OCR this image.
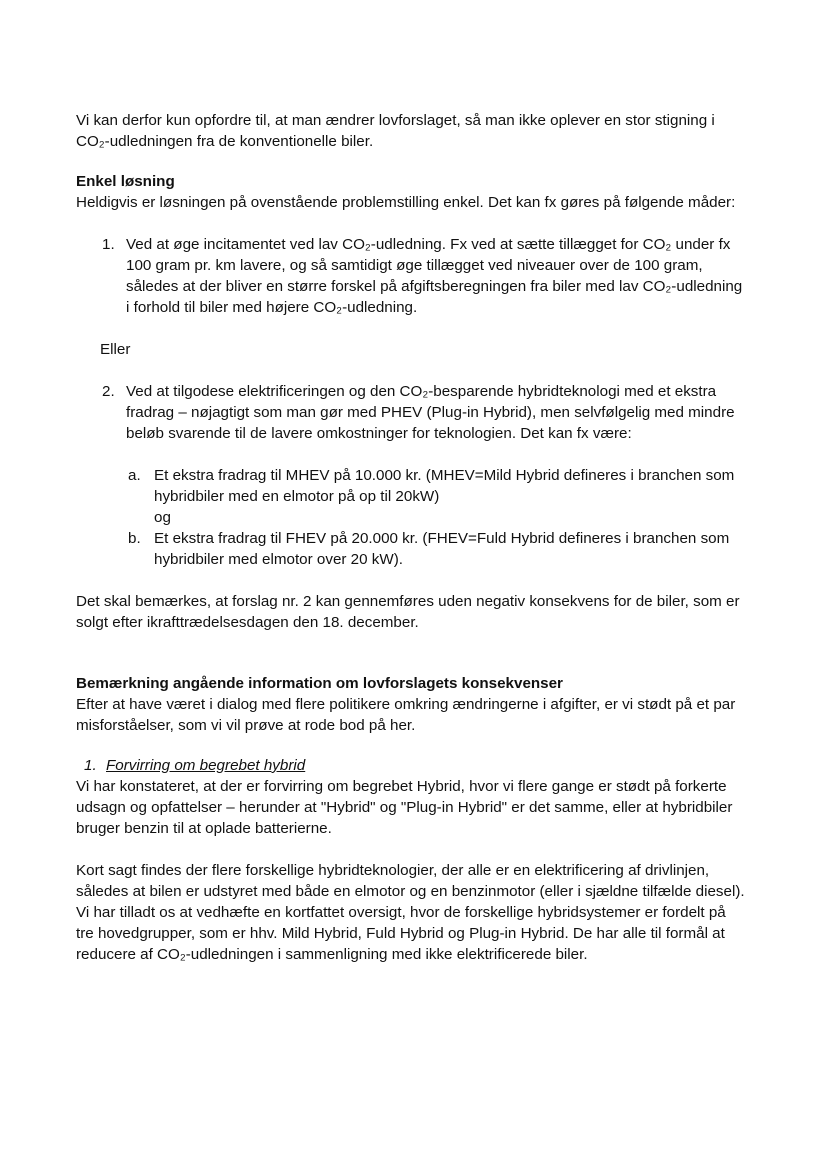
Vi kan derfor kun opfordre til, at man ændrer lovforslaget, så man ikke oplever en stor stigning i CO₂-udledningen fra de konventionelle biler.

Enkel løsning

Heldigvis er løsningen på ovenstående problemstilling enkel. Det kan fx gøres på følgende måder:

1. Ved at øge incitamentet ved lav CO₂-udledning. Fx ved at sætte tillægget for CO₂ under fx 100 gram pr. km lavere, og så samtidigt øge tillægget ved niveauer over de 100 gram, således at der bliver en større forskel på afgiftsberegningen fra biler med lav CO₂-udledning i forhold til biler med højere CO₂-udledning.

Eller

2. Ved at tilgodese elektrificeringen og den CO₂-besparende hybridteknologi med et ekstra fradrag – nøjagtigt som man gør med PHEV (Plug-in Hybrid), men selvfølgelig med mindre beløb svarende til de lavere omkostninger for teknologien. Det kan fx være:

a. Et ekstra fradrag til MHEV på 10.000 kr. (MHEV=Mild Hybrid defineres i branchen som hybridbiler med en elmotor på op til 20kW)

og

b. Et ekstra fradrag til FHEV på 20.000 kr. (FHEV=Fuld Hybrid defineres i branchen som hybridbiler med elmotor over 20 kW).

Det skal bemærkes, at forslag nr. 2 kan gennemføres uden negativ konsekvens for de biler, som er solgt efter ikrafttrædelsesdagen den 18. december.

Bemærkning angående information om lovforslagets konsekvenser

Efter at have været i dialog med flere politikere omkring ændringerne i afgifter, er vi stødt på et par misforståelser, som vi vil prøve at rode bod på her.

1. Forvirring om begrebet hybrid

Vi har konstateret, at der er forvirring om begrebet Hybrid, hvor vi flere gange er stødt på forkerte udsagn og opfattelser – herunder at "Hybrid" og "Plug-in Hybrid" er det samme, eller at hybridbiler bruger benzin til at oplade batterierne.

Kort sagt findes der flere forskellige hybridteknologier, der alle er en elektrificering af drivlinjen, således at bilen er udstyret med både en elmotor og en benzinmotor (eller i sjældne tilfælde diesel). Vi har tilladt os at vedhæfte en kortfattet oversigt, hvor de forskellige hybridsystemer er fordelt på tre hovedgrupper, som er hhv. Mild Hybrid, Fuld Hybrid og Plug-in Hybrid. De har alle til formål at reducere af CO₂-udledningen i sammenligning med ikke elektrificerede biler.
